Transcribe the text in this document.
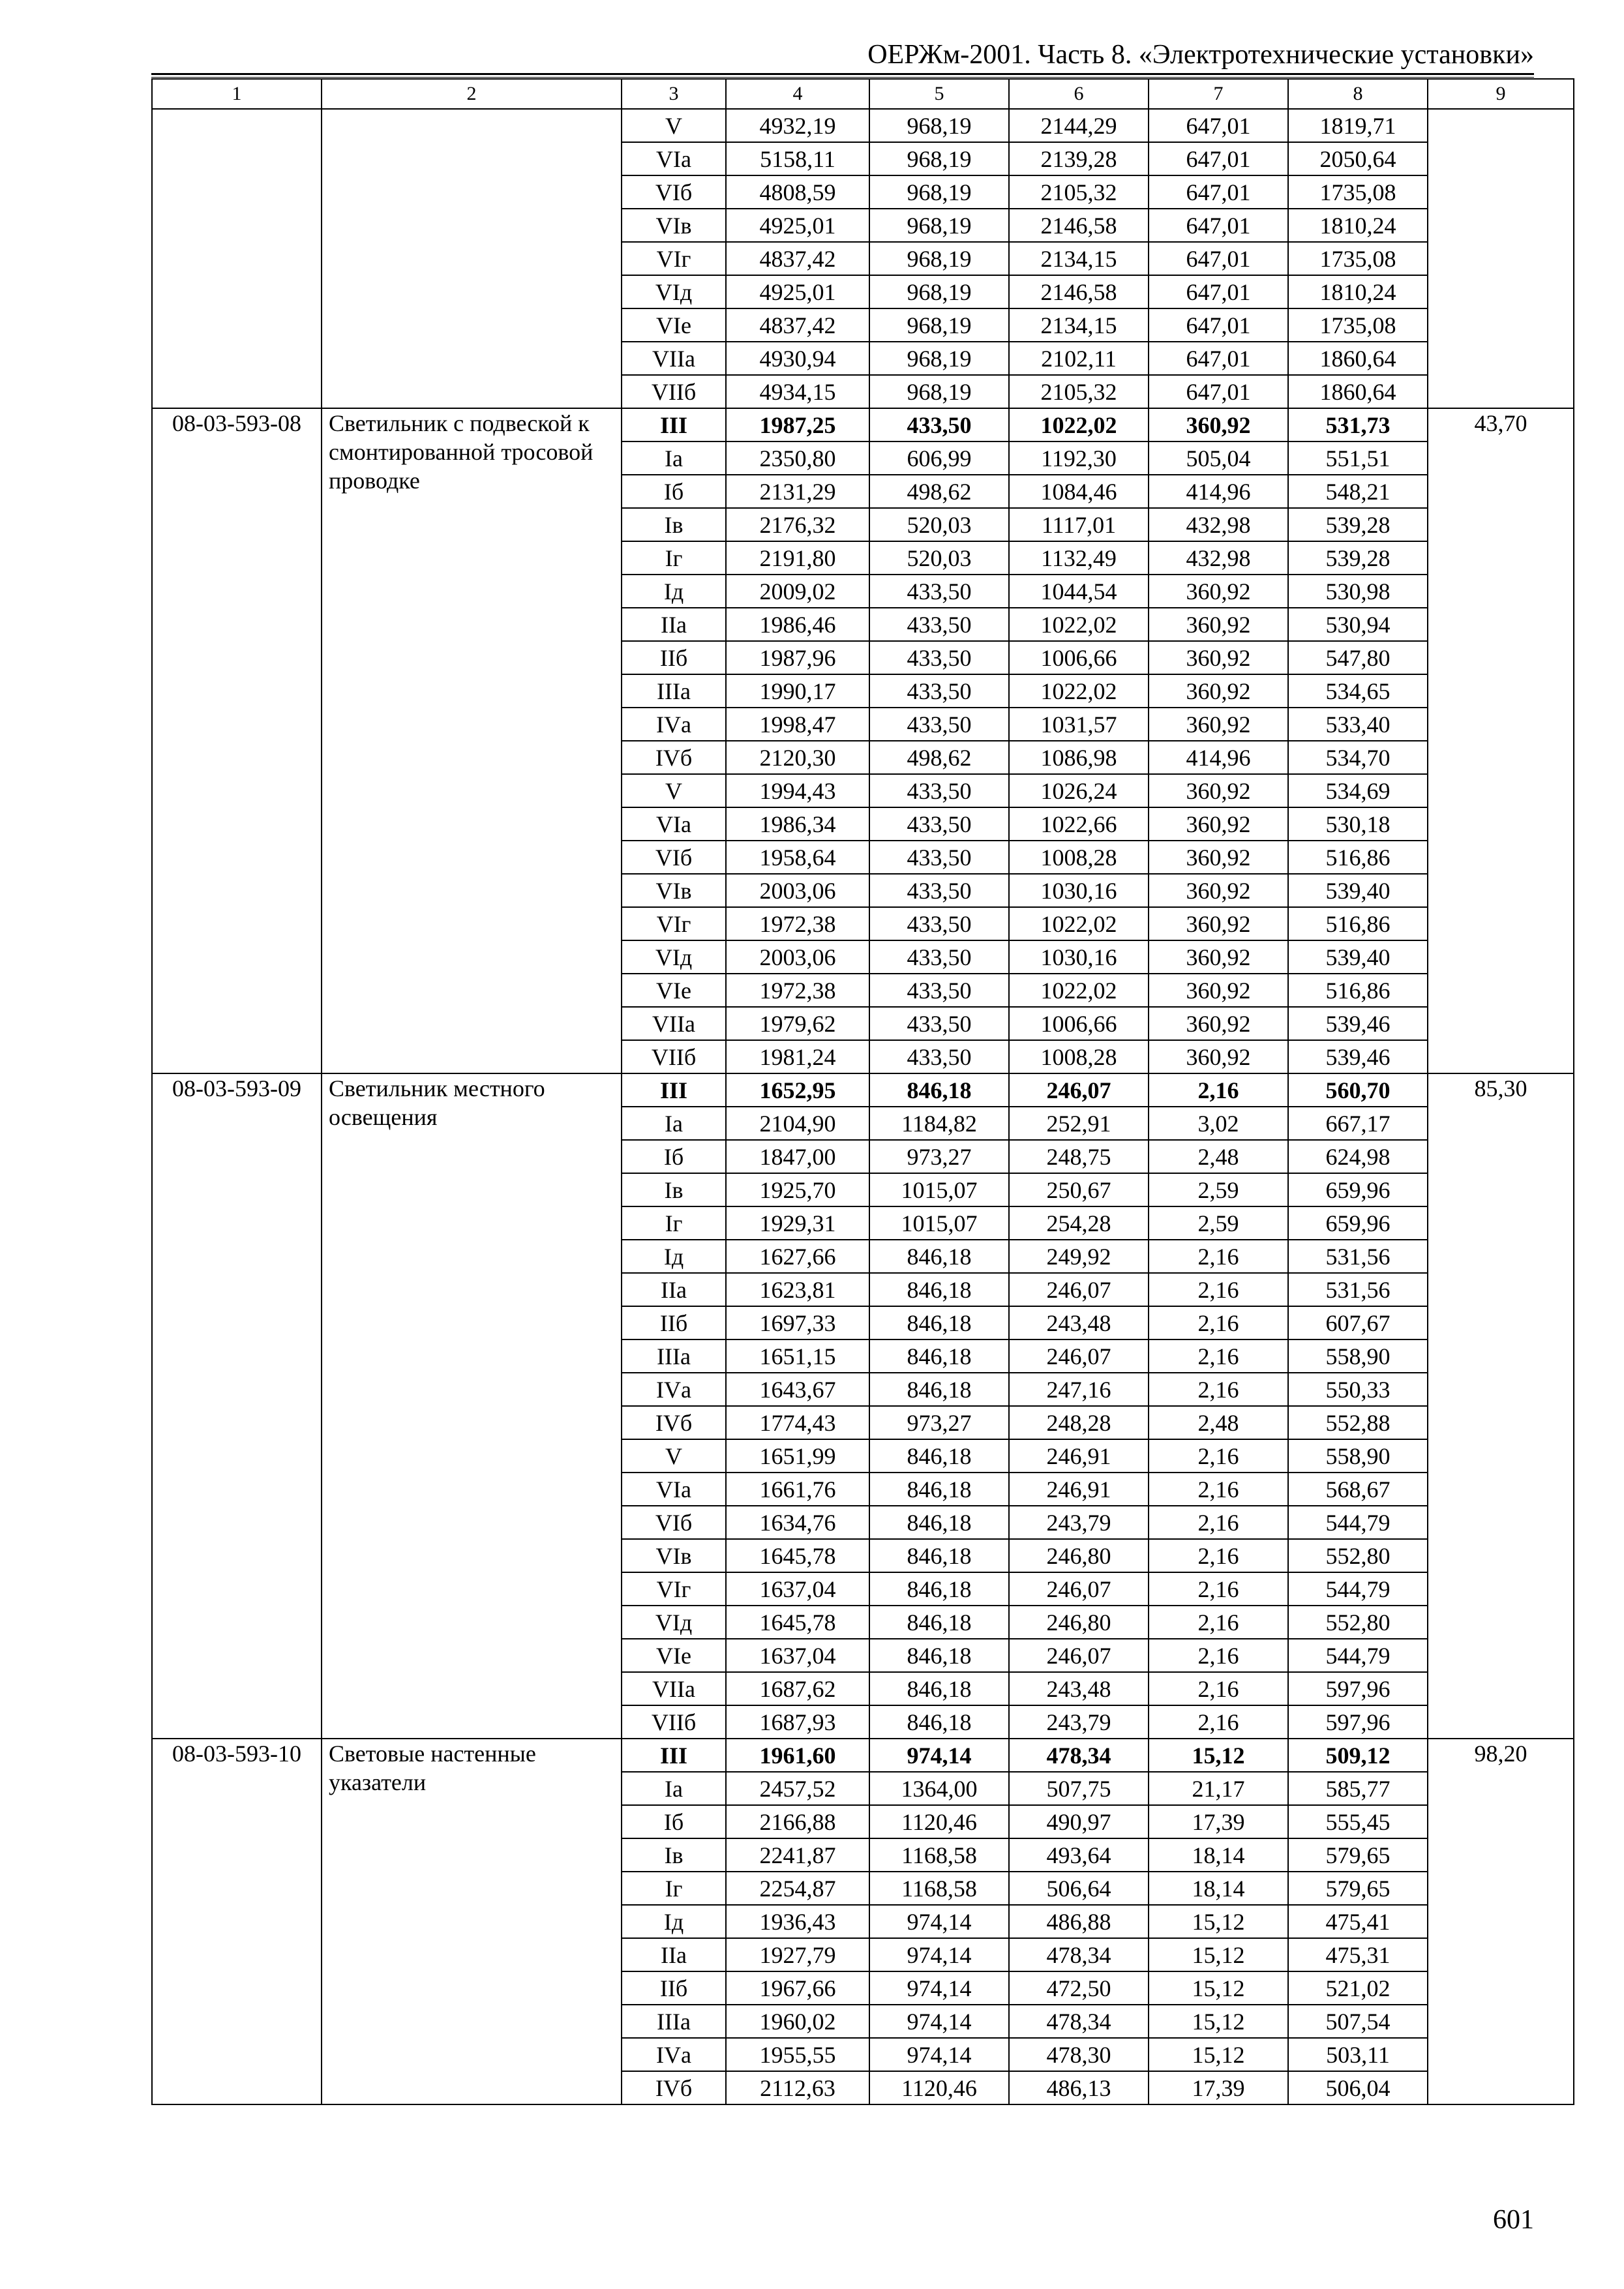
ОЕРЖм-2001. Часть 8. «Электротехнические установки»
1	2	3	4	5	6	7	8	9
		V	4932,19	968,19	2144,29	647,01	1819,71	
		VIа	5158,11	968,19	2139,28	647,01	2050,64	
		VIб	4808,59	968,19	2105,32	647,01	1735,08	
		VIв	4925,01	968,19	2146,58	647,01	1810,24	
		VIг	4837,42	968,19	2134,15	647,01	1735,08	
		VIд	4925,01	968,19	2146,58	647,01	1810,24	
		VIе	4837,42	968,19	2134,15	647,01	1735,08	
		VIIа	4930,94	968,19	2102,11	647,01	1860,64	
		VIIб	4934,15	968,19	2105,32	647,01	1860,64	
08-03-593-08	Светильник с подвеской к смонтированной тросовой проводке	III	1987,25	433,50	1022,02	360,92	531,73	43,70
		Iа	2350,80	606,99	1192,30	505,04	551,51	
		Iб	2131,29	498,62	1084,46	414,96	548,21	
		Iв	2176,32	520,03	1117,01	432,98	539,28	
		Iг	2191,80	520,03	1132,49	432,98	539,28	
		Iд	2009,02	433,50	1044,54	360,92	530,98	
		IIа	1986,46	433,50	1022,02	360,92	530,94	
		IIб	1987,96	433,50	1006,66	360,92	547,80	
		IIIа	1990,17	433,50	1022,02	360,92	534,65	
		IVа	1998,47	433,50	1031,57	360,92	533,40	
		IVб	2120,30	498,62	1086,98	414,96	534,70	
		V	1994,43	433,50	1026,24	360,92	534,69	
		VIа	1986,34	433,50	1022,66	360,92	530,18	
		VIб	1958,64	433,50	1008,28	360,92	516,86	
		VIв	2003,06	433,50	1030,16	360,92	539,40	
		VIг	1972,38	433,50	1022,02	360,92	516,86	
		VIд	2003,06	433,50	1030,16	360,92	539,40	
		VIе	1972,38	433,50	1022,02	360,92	516,86	
		VIIа	1979,62	433,50	1006,66	360,92	539,46	
		VIIб	1981,24	433,50	1008,28	360,92	539,46	
08-03-593-09	Светильник местного освещения	III	1652,95	846,18	246,07	2,16	560,70	85,30
		Iа	2104,90	1184,82	252,91	3,02	667,17	
		Iб	1847,00	973,27	248,75	2,48	624,98	
		Iв	1925,70	1015,07	250,67	2,59	659,96	
		Iг	1929,31	1015,07	254,28	2,59	659,96	
		Iд	1627,66	846,18	249,92	2,16	531,56	
		IIа	1623,81	846,18	246,07	2,16	531,56	
		IIб	1697,33	846,18	243,48	2,16	607,67	
		IIIа	1651,15	846,18	246,07	2,16	558,90	
		IVа	1643,67	846,18	247,16	2,16	550,33	
		IVб	1774,43	973,27	248,28	2,48	552,88	
		V	1651,99	846,18	246,91	2,16	558,90	
		VIа	1661,76	846,18	246,91	2,16	568,67	
		VIб	1634,76	846,18	243,79	2,16	544,79	
		VIв	1645,78	846,18	246,80	2,16	552,80	
		VIг	1637,04	846,18	246,07	2,16	544,79	
		VIд	1645,78	846,18	246,80	2,16	552,80	
		VIе	1637,04	846,18	246,07	2,16	544,79	
		VIIа	1687,62	846,18	243,48	2,16	597,96	
		VIIб	1687,93	846,18	243,79	2,16	597,96	
08-03-593-10	Световые настенные указатели	III	1961,60	974,14	478,34	15,12	509,12	98,20
		Iа	2457,52	1364,00	507,75	21,17	585,77	
		Iб	2166,88	1120,46	490,97	17,39	555,45	
		Iв	2241,87	1168,58	493,64	18,14	579,65	
		Iг	2254,87	1168,58	506,64	18,14	579,65	
		Iд	1936,43	974,14	486,88	15,12	475,41	
		IIа	1927,79	974,14	478,34	15,12	475,31	
		IIб	1967,66	974,14	472,50	15,12	521,02	
		IIIа	1960,02	974,14	478,34	15,12	507,54	
		IVа	1955,55	974,14	478,30	15,12	503,11	
		IVб	2112,63	1120,46	486,13	17,39	506,04	
601
